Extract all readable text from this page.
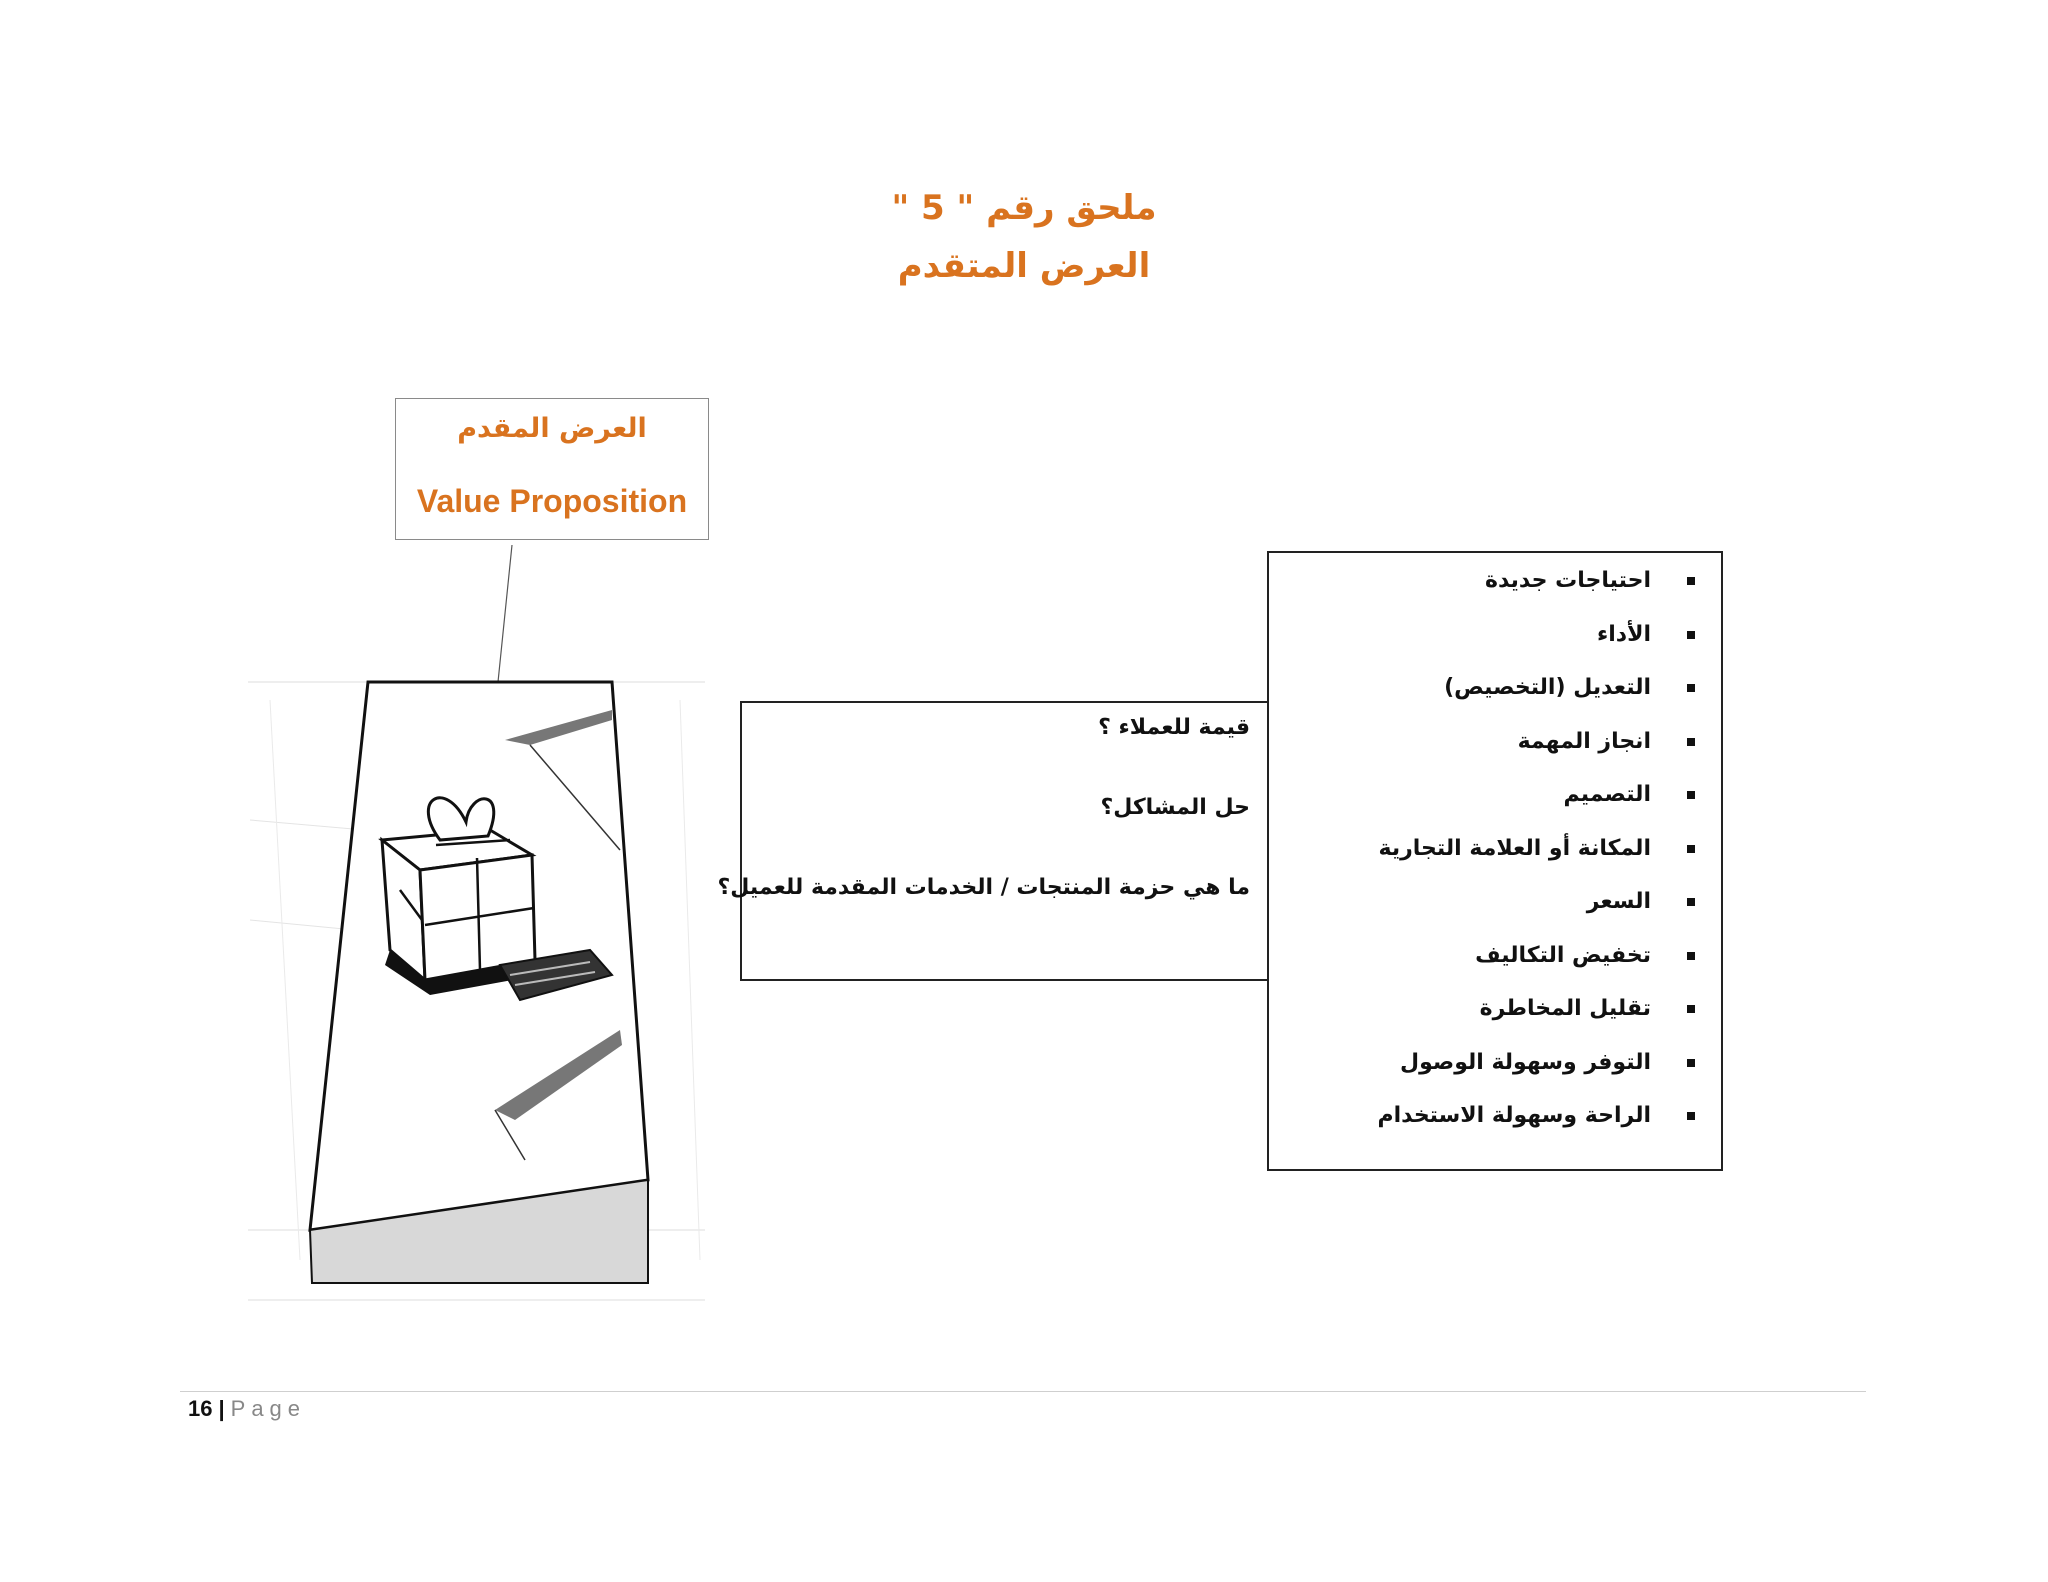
ملحق رقم " 5 "
العرض المتقدم
العرض المقدم
Value Proposition
قيمة للعملاء ؟
حل المشاكل؟
ما هي حزمة المنتجات / الخدمات المقدمة للعميل؟
احتياجات جديدة
الأداء
التعديل (التخصيص)
انجاز المهمة
التصميم
المكانة أو العلامة التجارية
السعر
تخفيض التكاليف
تقليل المخاطرة
التوفر وسهولة الوصول
الراحة وسهولة الاستخدام
16 | Page
